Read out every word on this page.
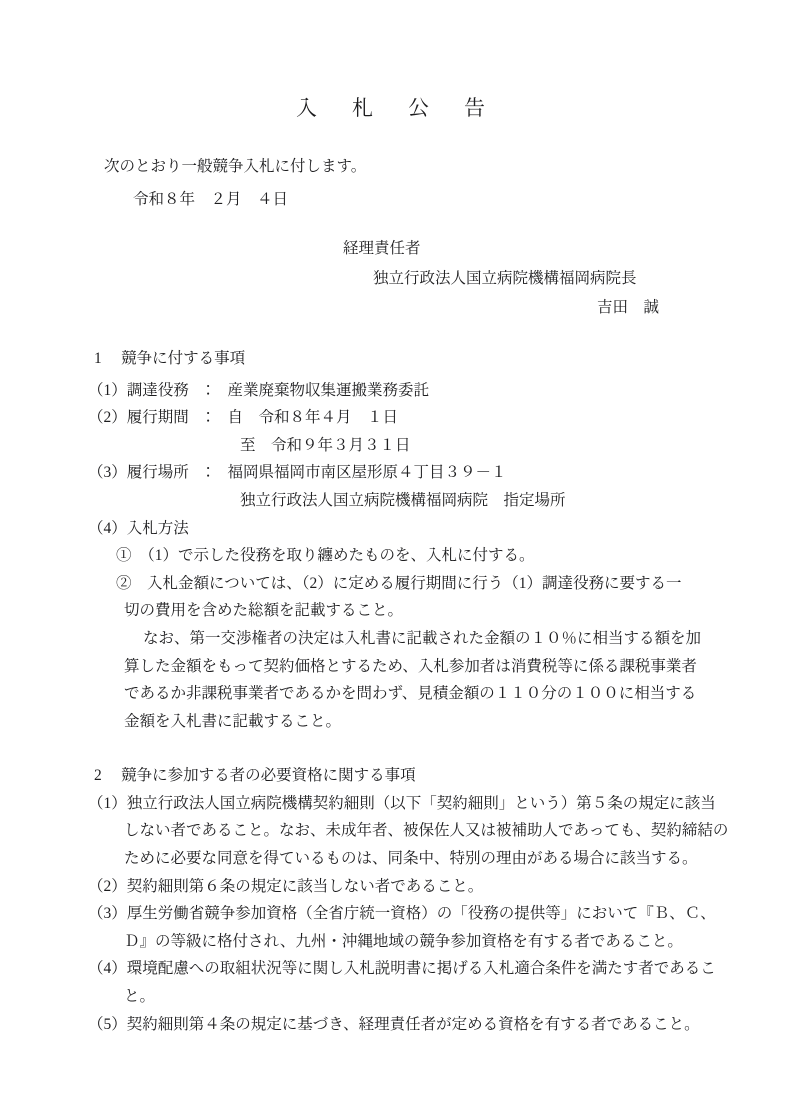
入　札　公　告
次のとおり一般競争入札に付します。
令和８年　２月　４日
経理責任者
独立行政法人国立病院機構福岡病院長
吉田　誠
1　 競争に付する事項
（1）調達役務　：　産業廃棄物収集運搬業務委託
（2）履行期間　：　自　令和８年４月　１日
至　令和９年３月３１日
（3）履行場所　：　福岡県福岡市南区屋形原４丁目３９－１
独立行政法人国立病院機構福岡病院　指定場所
（4）入札方法
①　（1）で示した役務を取り纏めたものを、入札に付する。
②　入札金額については、（2）に定める履行期間に行う（1）調達役務に要する一
切の費用を含めた総額を記載すること。
なお、第一交渉権者の決定は入札書に記載された金額の１０％に相当する額を加
算した金額をもって契約価格とするため、入札参加者は消費税等に係る課税事業者
であるか非課税事業者であるかを問わず、見積金額の１１０分の１００に相当する
金額を入札書に記載すること。
2　 競争に参加する者の必要資格に関する事項
（1）独立行政法人国立病院機構契約細則（以下「契約細則」という）第５条の規定に該当
しない者であること。なお、未成年者、被保佐人又は被補助人であっても、契約締結の
ために必要な同意を得ているものは、同条中、特別の理由がある場合に該当する。
（2）契約細則第６条の規定に該当しない者であること。
（3）厚生労働省競争参加資格（全省庁統一資格）の「役務の提供等」において『Ｂ、Ｃ、
Ｄ』の等級に格付され、九州・沖縄地域の競争参加資格を有する者であること。
（4）環境配慮への取組状況等に関し入札説明書に掲げる入札適合条件を満たす者であるこ
と。
（5）契約細則第４条の規定に基づき、経理責任者が定める資格を有する者であること。
